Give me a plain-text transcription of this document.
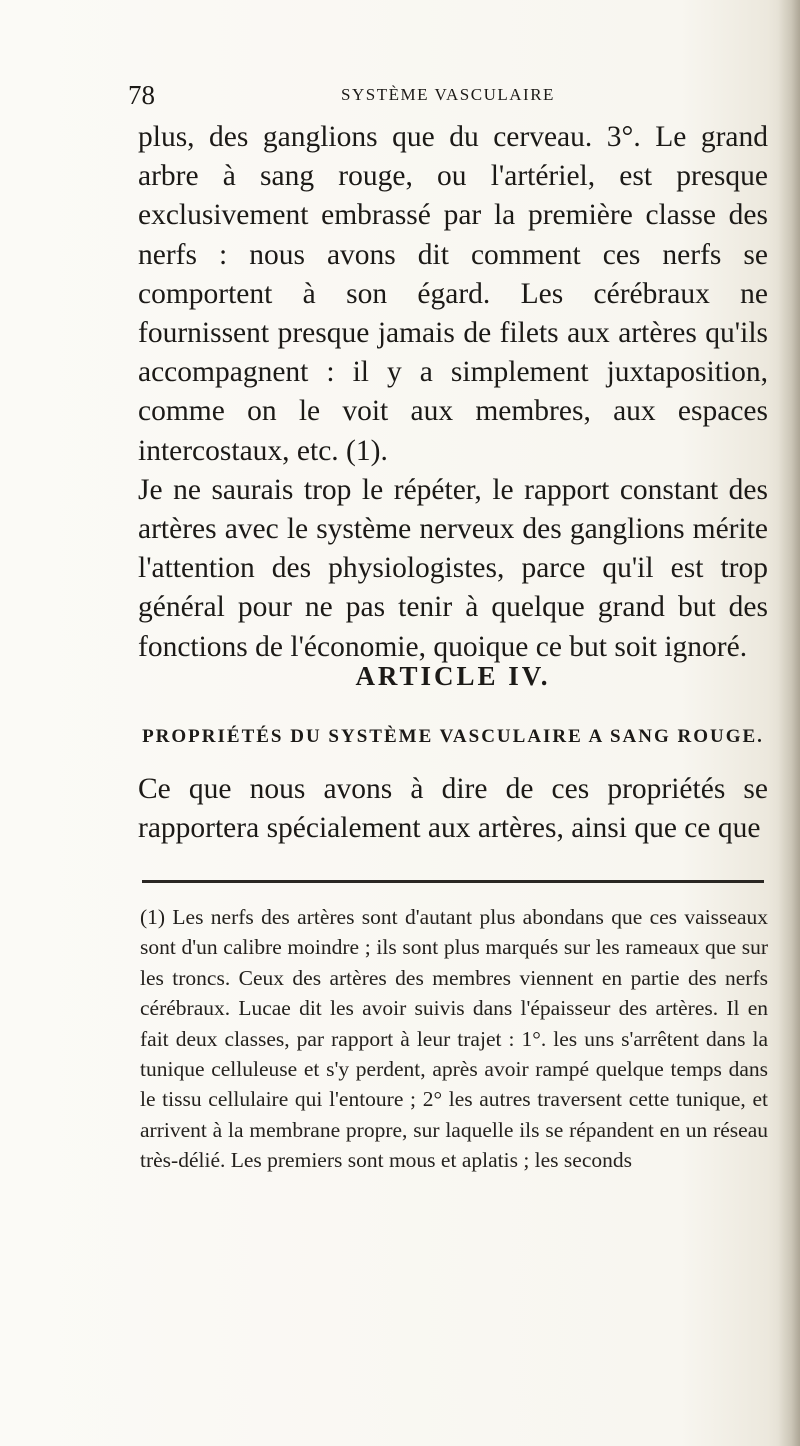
78	SYSTÈME VASCULAIRE

plus, des ganglions que du cerveau. 3°. Le grand arbre à sang rouge, ou l'artériel, est presque exclusivement embrassé par la première classe des nerfs : nous avons dit comment ces nerfs se comportent à son égard. Les cérébraux ne fournissent presque jamais de filets aux artères qu'ils accompagnent : il y a simplement juxtaposition, comme on le voit aux membres, aux espaces intercostaux, etc. (1).

Je ne saurais trop le répéter, le rapport constant des artères avec le système nerveux des ganglions mérite l'attention des physiologistes, parce qu'il est trop général pour ne pas tenir à quelque grand but des fonctions de l'économie, quoique ce but soit ignoré.

ARTICLE IV.
PROPRIÉTÉS DU SYSTÈME VASCULAIRE A SANG ROUGE.

Ce que nous avons à dire de ces propriétés se rapportera spécialement aux artères, ainsi que ce que

(1) Les nerfs des artères sont d'autant plus abondans que ces vaisseaux sont d'un calibre moindre ; ils sont plus marqués sur les rameaux que sur les troncs. Ceux des artères des membres viennent en partie des nerfs cérébraux. Lucae dit les avoir suivis dans l'épaisseur des artères. Il en fait deux classes, par rapport à leur trajet : 1°. les uns s'arrêtent dans la tunique celluleuse et s'y perdent, après avoir rampé quelque temps dans le tissu cellulaire qui l'entoure ; 2° les autres traversent cette tunique, et arrivent à la membrane propre, sur laquelle ils se répandent en un réseau très-délié. Les premiers sont mous et aplatis ; les seconds
